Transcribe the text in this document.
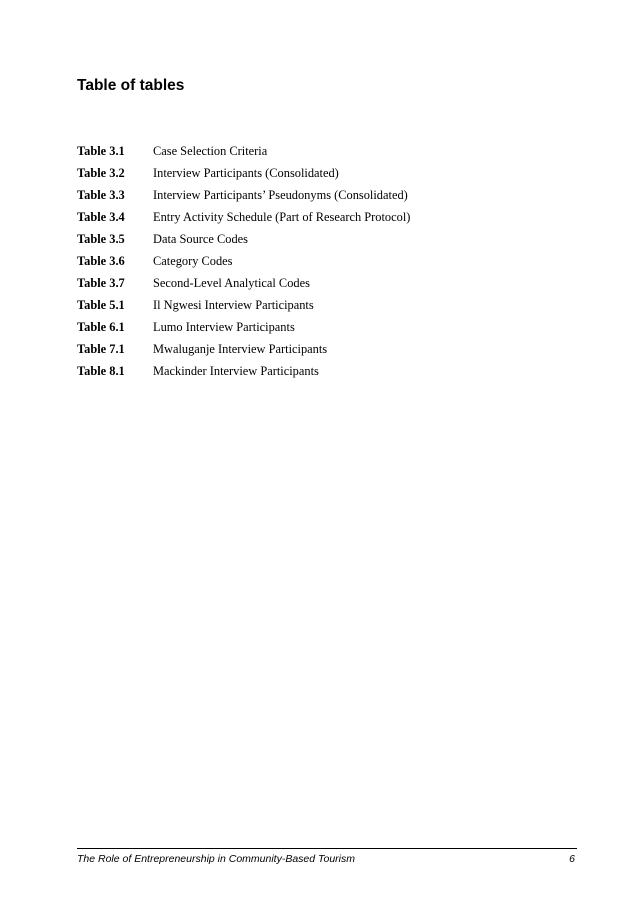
Table of tables
Table 3.1	Case Selection Criteria
Table 3.2	Interview Participants (Consolidated)
Table 3.3	Interview Participants’ Pseudonyms (Consolidated)
Table 3.4	Entry Activity Schedule (Part of Research Protocol)
Table 3.5	Data Source Codes
Table 3.6	Category Codes
Table 3.7	Second-Level Analytical Codes
Table 5.1	Il Ngwesi Interview Participants
Table 6.1	Lumo Interview Participants
Table 7.1	Mwaluganje Interview Participants
Table 8.1	Mackinder Interview Participants
The Role of Entrepreneurship in Community-Based Tourism	6
